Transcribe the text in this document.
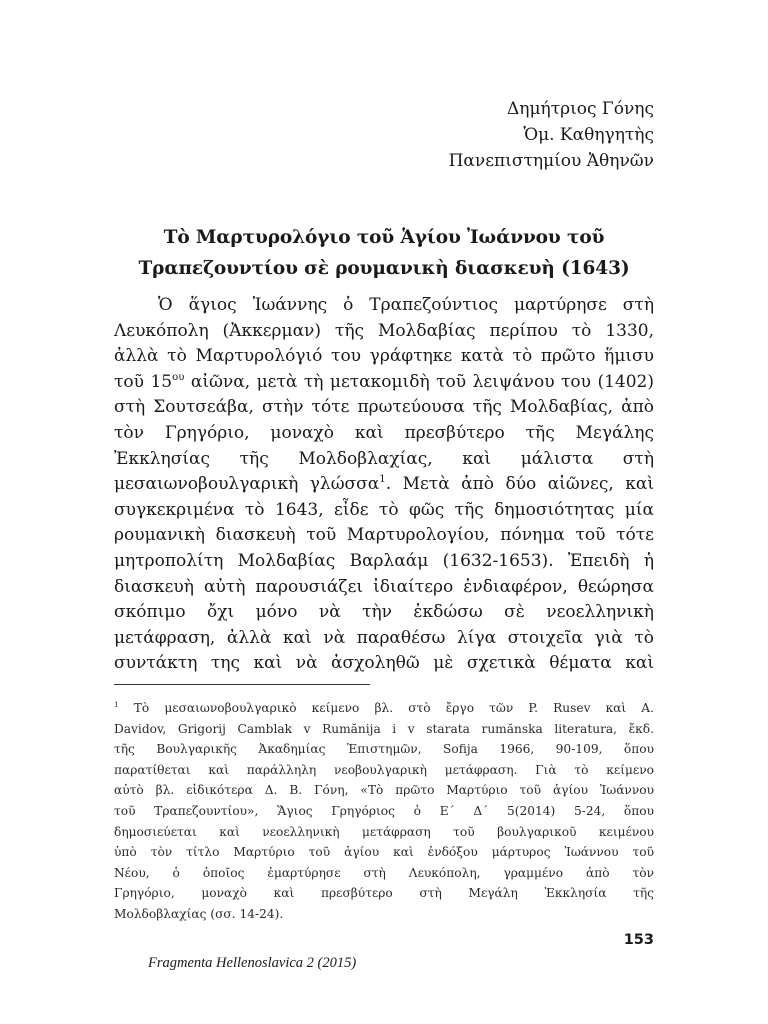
Δημήτριος Γόνης
Ὁμ. Καθηγητὴς
Πανεπιστημίου Ἀθηνῶν
Τὸ Μαρτυρολόγιο τοῦ Ἁγίου Ἰωάννου τοῦ
Τραπεζουντίου σὲ ρουμανικὴ διασκευὴ (1643)
Ὁ ἅγιος Ἰωάννης ὁ Τραπεζούντιος μαρτύρησε στὴ
Λευκόπολη (Ἀκκερμαν) τῆς Μολδαβίας περίπου τὸ 1330,
ἀλλὰ τὸ Μαρτυρολόγιό του γράφτηκε κατὰ τὸ πρῶτο ἥμισυ
τοῦ $15^{o\upsilon}$ αἰῶνα, μετὰ τὴ μετακομιδὴ τοῦ λειψάνου του (1402)
στὴ Σουτσεάβα, στὴν τότε πρωτεύουσα τῆς Μολδαβίας, ἀπὸ
τὸν Γρηγόριο, μοναχὸ καὶ πρεσβύτερο τῆς Μεγάλης
Ἐκκλησίας τῆς Μολδοβλαχίας, καὶ μάλιστα στὴ
μεσαιωνοβουλγαρικὴ γλώσσα$^1$. Μετὰ ἀπὸ δύο αἰῶνες, καὶ
συγκεκριμένα τὸ 1643, εἶδε τὸ φῶς τῆς δημοσιότητας μία
ρουμανικὴ διασκευὴ τοῦ Μαρτυρολογίου, πόνημα τοῦ τότε
μητροπολίτη Μολδαβίας Βαρλαάμ (1632-1653). Ἐπειδὴ ἡ
διασκευὴ αὐτὴ παρουσιάζει ἰδιαίτερο ἐνδιαφέρον, θεώρησα
σκόπιμο ὄχι μόνο νὰ τὴν ἐκδώσω σὲ νεοελληνικὴ
μετάφραση, ἀλλὰ καὶ νὰ παραθέσω λίγα στοιχεῖα γιὰ τὸ
συντάκτη της καὶ νὰ ἀσχοληθῶ μὲ σχετικὰ θέματα καὶ
$^1$ Τὸ μεσαιωνοβουλγαρικὸ κείμενο βλ. στὸ ἔργο τῶν P. Rusev καὶ A.
Davidov, Grigorij Camblak v Rumănija i v starata rumănska literatura, ἔκδ.
τῆς Βουλγαρικῆς Ἀκαδημίας Ἐπιστημῶν, Sofija 1966, 90-109, ὅπου
παρατίθεται καὶ παράλληλη νεοβουλγαρικὴ μετάφραση. Γιὰ τὸ κείμενο
αὐτὸ βλ. εἰδικότερα Δ. Β. Γόνη, «Τὸ πρῶτο Μαρτύριο τοῦ ἁγίου Ἰωάννου
τοῦ Τραπεζουντίου», Ἅγιος Γρηγόριος ὁ Ε΄ Δ΄ 5(2014) 5-24, ὅπου
δημοσιεύεται καὶ νεοελληνικὴ μετάφραση τοῦ βουλγαρικοῦ κειμένου
ὑπὸ τὸν τίτλο Μαρτύριο τοῦ ἁγίου καὶ ἐνδόξου μάρτυρος Ἰωάννου τοῦ
Νέου, ὁ ὁποῖος ἐμαρτύρησε στὴ Λευκόπολη, γραμμένο ἀπὸ τὸν
Γρηγόριο, μοναχὸ καὶ πρεσβύτερο στὴ Μεγάλη Ἐκκλησία τῆς
Μολδοβλαχίας (σσ. 14-24).
153
Fragmenta Hellenoslavica 2 (2015)
